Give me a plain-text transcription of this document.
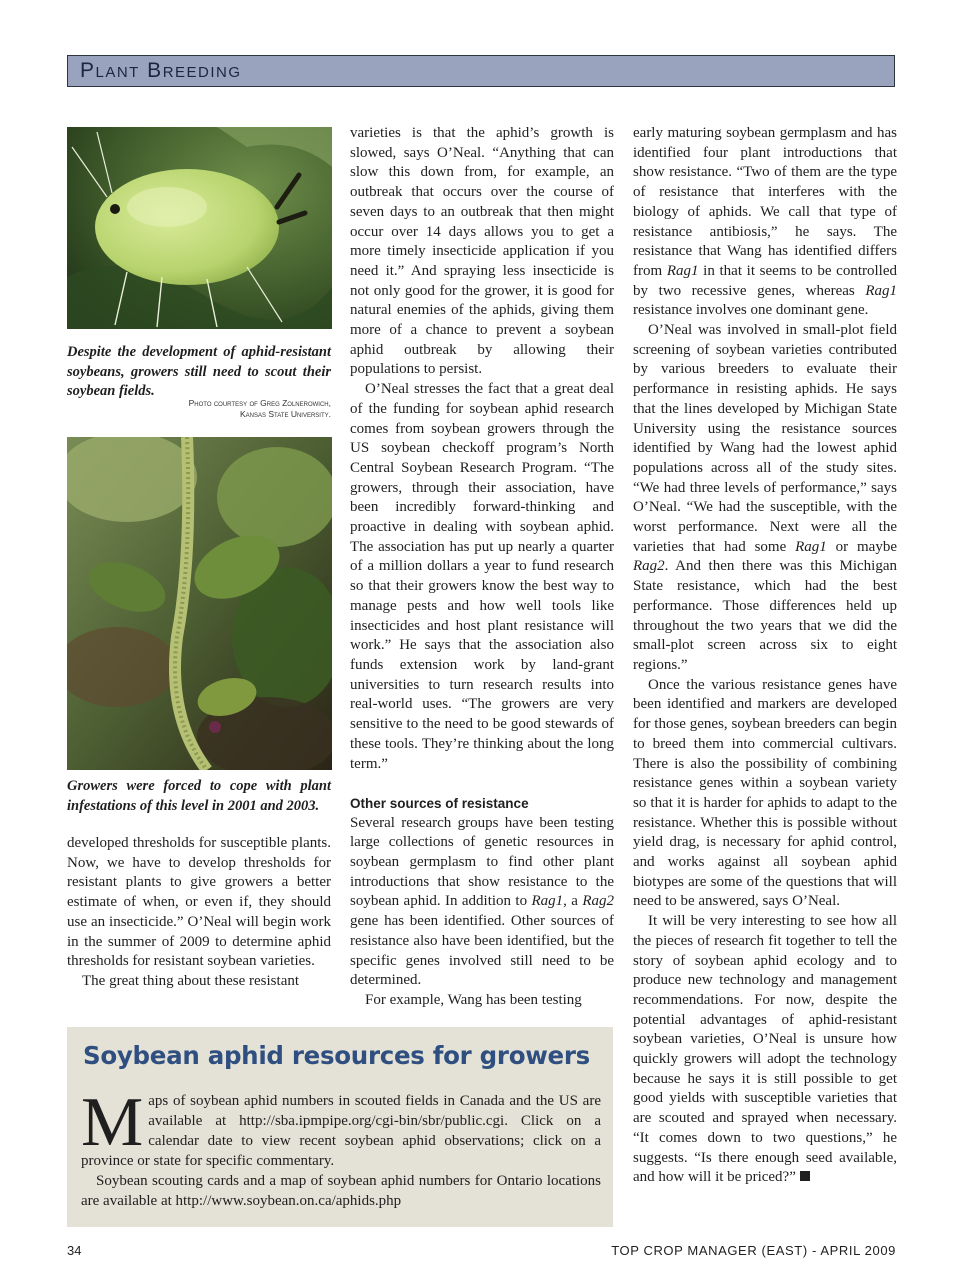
Plant Breeding
Despite the development of aphid-resistant soybeans, growers still need to scout their soybean fields.
Photo courtesy of Greg Zolnerowich,
Kansas State University.
Growers were forced to cope with plant infestations of this level in 2001 and 2003.

developed thresholds for susceptible plants. Now, we have to develop thresholds for resistant plants to give growers a better estimate of when, or even if, they should use an insecticide.” O’Neal will begin work in the summer of 2009 to determine aphid thresholds for resistant soybean varieties.

The great thing about these resistant

varieties is that the aphid’s growth is slowed, says O’Neal. “Anything that can slow this down from, for example, an outbreak that occurs over the course of seven days to an outbreak that then might occur over 14 days allows you to get a more timely insecticide application if you need it.” And spraying less insecticide is not only good for the grower, it is good for natural enemies of the aphids, giving them more of a chance to prevent a soybean aphid outbreak by allowing their populations to persist.

O’Neal stresses the fact that a great deal of the funding for soybean aphid research comes from soybean growers through the US soybean checkoff program’s North Central Soybean Research Program. “The growers, through their association, have been incredibly forward-thinking and proactive in dealing with soybean aphid. The association has put up nearly a quarter of a million dollars a year to fund research so that their growers know the best way to manage pests and how well tools like insecticides and host plant resistance will work.” He says that the association also funds extension work by land-grant universities to turn research results into real-world uses. “The growers are very sensitive to the need to be good stewards of these tools. They’re thinking about the long term.”

Other sources of resistance

Several research groups have been testing large collections of genetic resources in soybean germplasm to find other plant introductions that show resistance to the soybean aphid. In addition to Rag1, a Rag2 gene has been identified. Other sources of resistance also have been identified, but the specific genes involved still need to be determined.

For example, Wang has been testing

early maturing soybean germplasm and has identified four plant introductions that show resistance. “Two of them are the type of resistance that interferes with the biology of aphids. We call that type of resistance antibiosis,” he says. The resistance that Wang has identified differs from Rag1 in that it seems to be controlled by two recessive genes, whereas Rag1 resistance involves one dominant gene.

O’Neal was involved in small-plot field screening of soybean varieties contributed by various breeders to evaluate their performance in resisting aphids. He says that the lines developed by Michigan State University using the resistance sources identified by Wang had the lowest aphid populations across all of the study sites. “We had three levels of performance,” says O’Neal. “We had the susceptible, with the worst performance. Next were all the varieties that had some Rag1 or maybe Rag2. And then there was this Michigan State resistance, which had the best performance. Those differences held up throughout the two years that we did the small-plot screen across six to eight regions.”

Once the various resistance genes have been identified and markers are developed for those genes, soybean breeders can begin to breed them into commercial cultivars. There is also the possibility of combining resistance genes within a soybean variety so that it is harder for aphids to adapt to the resistance. Whether this is possible without yield drag, is necessary for aphid control, and works against all soybean aphid biotypes are some of the questions that will need to be answered, says O’Neal.

It will be very interesting to see how all the pieces of research fit together to tell the story of soybean aphid ecology and to produce new technology and management recommendations. For now, despite the potential advantages of aphid-resistant soybean varieties, O’Neal is unsure how quickly growers will adopt the technology because he says it is still possible to get good yields with susceptible varieties that are scouted and sprayed when necessary. “It comes down to two questions,” he suggests. “Is there enough seed available, and how will it be priced?”

Soybean aphid resources for growers

Maps of soybean aphid numbers in scouted fields in Canada and the US are available at http://sba.ipmpipe.org/cgi-bin/sbr/public.cgi. Click on a calendar date to view recent soybean aphid observations; click on a province or state for specific commentary.

Soybean scouting cards and a map of soybean aphid numbers for Ontario locations are available at http://www.soybean.on.ca/aphids.php

34	TOP CROP MANAGER (EAST) - APRIL 2009
